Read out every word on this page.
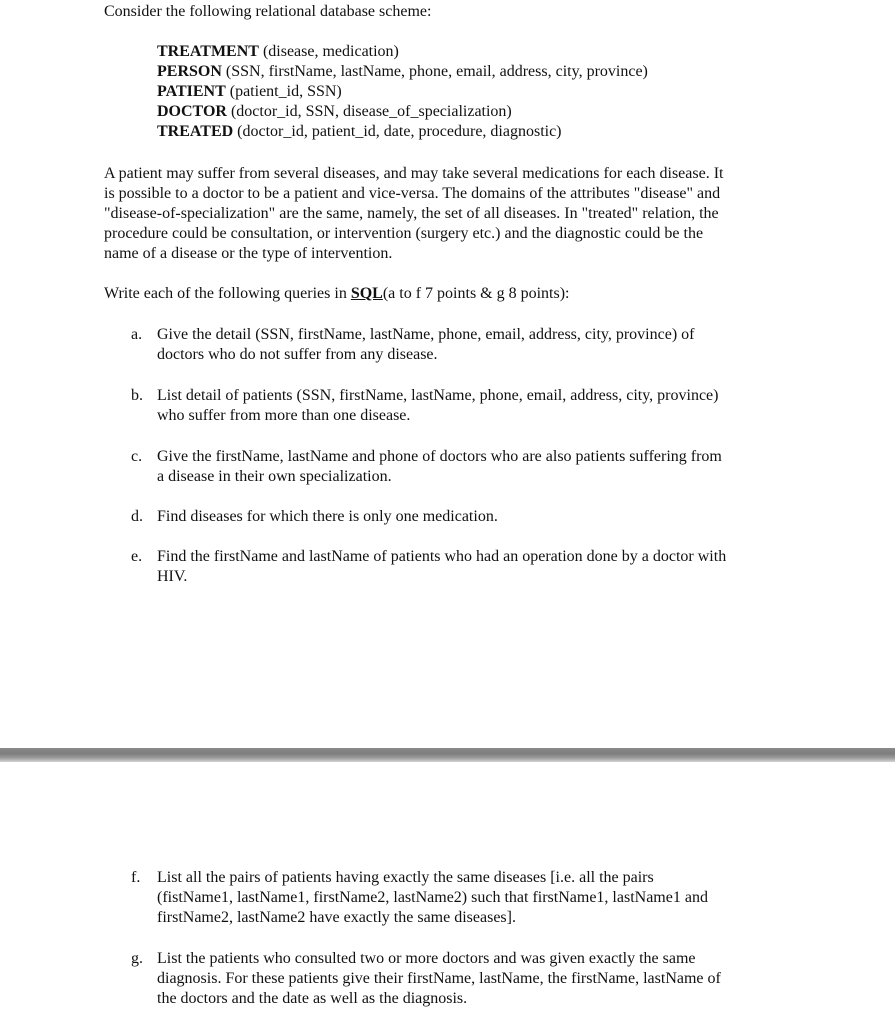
Consider the following relational database scheme:

TREATMENT (disease, medication)

PERSON (SSN, firstName, lastName, phone, email, address, city, province)

PATIENT (patient_id, SSN)

DOCTOR (doctor_id, SSN, disease_of_specialization)

TREATED (doctor_id, patient_id, date, procedure, diagnostic)

A patient may suffer from several diseases, and may take several medications for each disease. It

is possible to a doctor to be a patient and vice-versa. The domains of the attributes "disease" and

"disease-of-specialization" are the same, namely, the set of all diseases. In "treated" relation, the

procedure could be consultation, or intervention (surgery etc.) and the diagnostic could be the

name of a disease or the type of intervention.

Write each of the following queries in SQL(a to f 7 points & g 8 points):

a. Give the detail (SSN, firstName, lastName, phone, email, address, city, province) of
doctors who do not suffer from any disease.
b. List detail of patients (SSN, firstName, lastName, phone, email, address, city, province)
who suffer from more than one disease.
c. Give the firstName, lastName and phone of doctors who are also patients suffering from
a disease in their own specialization.
d. Find diseases for which there is only one medication.
e. Find the firstName and lastName of patients who had an operation done by a doctor with
HIV.
f. List all the pairs of patients having exactly the same diseases [i.e. all the pairs
(fistName1, lastName1, firstName2, lastName2) such that firstName1, lastName1 and
firstName2, lastName2 have exactly the same diseases].
g. List the patients who consulted two or more doctors and was given exactly the same
diagnosis. For these patients give their firstName, lastName, the firstName, lastName of
the doctors and the date as well as the diagnosis.
